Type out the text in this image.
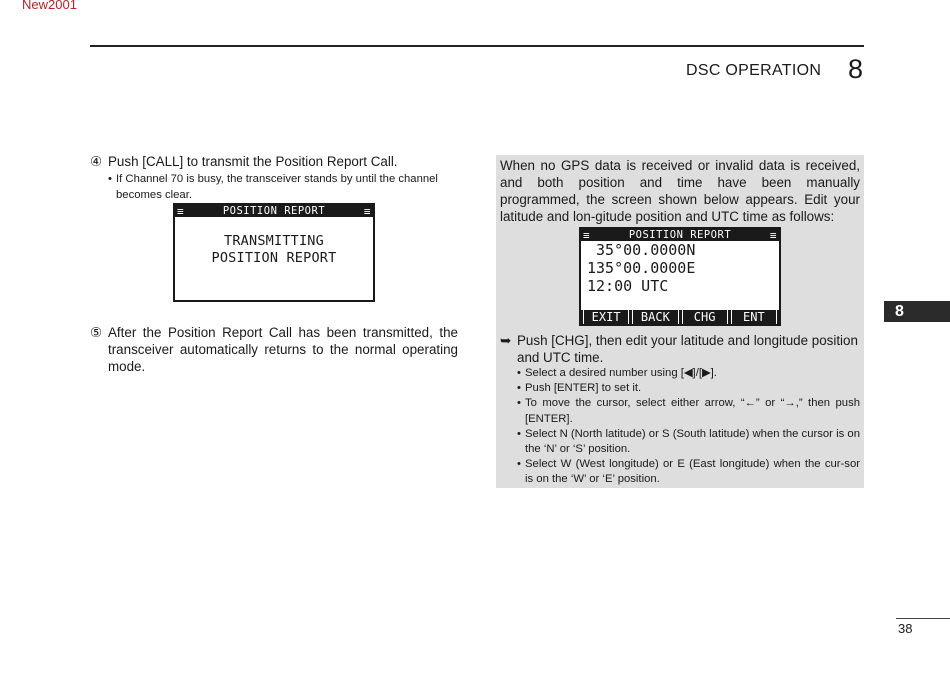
New2001
DSC OPERATION 8
8
④ Push [CALL] to transmit the Position Report Call.
• If Channel 70 is busy, the transceiver stands by until the channel becomes clear.
≡	POSITION REPORT	≡
TRANSMITTING
POSITION REPORT
⑤ After the Position Report Call has been transmitted, the transceiver automatically returns to the normal operating mode.
When no GPS data is received or invalid data is received, and both position and time have been manually programmed, the screen shown below appears. Edit your latitude and lon-gitude position and UTC time as follows:
≡	POSITION REPORT	≡
35°00.0000N
135°00.0000E
12:00 UTC
EXIT	BACK	CHG	ENT
➥ Push [CHG], then edit your latitude and longitude position and UTC time.
• Select a desired number using [◀]/[▶].
• Push [ENTER] to set it.
• To move the cursor, select either arrow, “←” or “→,” then push [ENTER].
• Select N (North latitude) or S (South latitude) when the cursor is on the ‘N’ or ‘S’ position.
• Select W (West longitude) or E (East longitude) when the cur-sor is on the ‘W’ or ‘E’ position.
38
